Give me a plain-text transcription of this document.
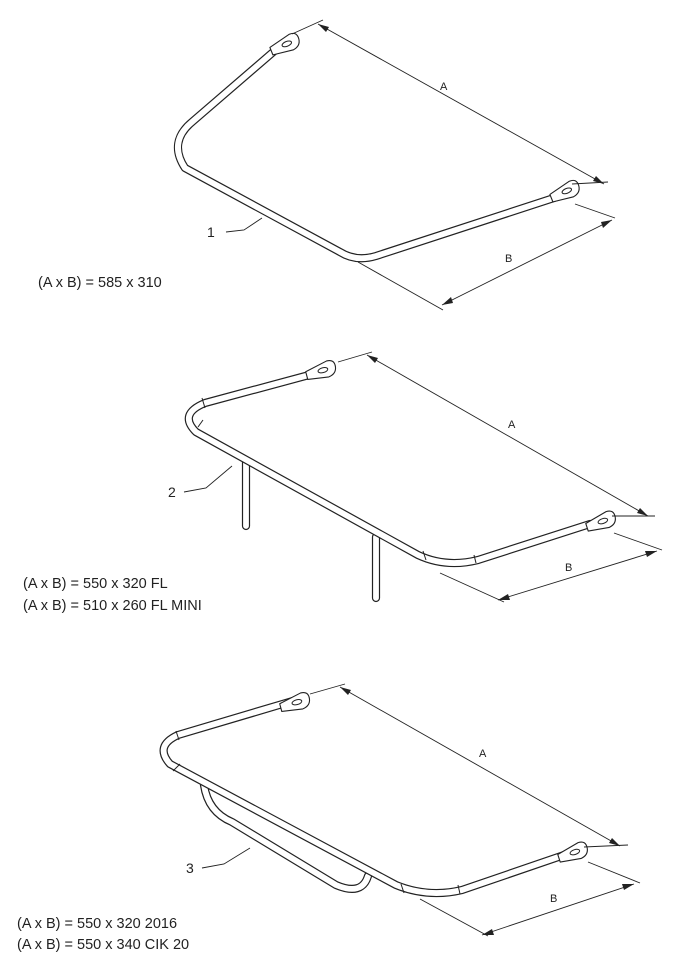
A
B
1
(A x B) = 585 x 310
A
B
2
(A x B) = 550 x 320 FL
(A x B) = 510 x 260 FL MINI
A
B
3
(A x B) = 550 x 320 2016
(A x B) = 550 x 340 CIK 20
